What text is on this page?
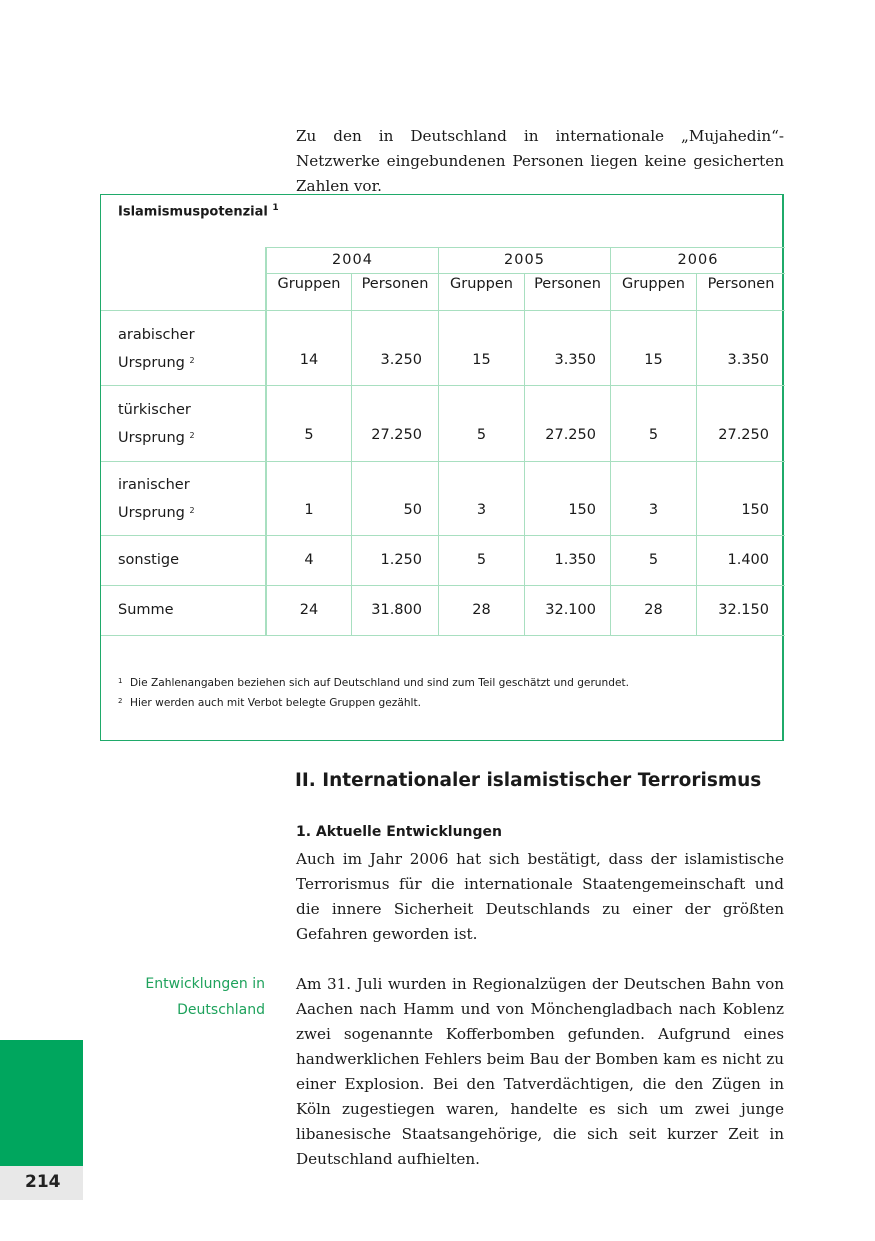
Zu den in Deutschland in internationale „Mujahedin“-Netzwerke eingebundenen Personen liegen keine gesicherten Zahlen vor.
Islamismuspotenzial $^1$
2004	2005	2006
Gruppen	Personen	Gruppen	Personen	Gruppen	Personen
arabischer
Ursprung $^2$	14	3.250	15	3.350	15	3.350
türkischer
Ursprung $^2$	5	27.250	5	27.250	5	27.250
iranischer
Ursprung $^2$	1	50	3	150	3	150
sonstige	4	1.250	5	1.350	5	1.400
Summe	24	31.800	28	32.100	28	32.150
$^1$ Die Zahlenangaben beziehen sich auf Deutschland und sind zum Teil geschätzt und gerundet.
$^2$ Hier werden auch mit Verbot belegte Gruppen gezählt.
II. Internationaler islamistischer Terrorismus
1. Aktuelle Entwicklungen
Auch im Jahr 2006 hat sich bestätigt, dass der islamistische Terrorismus für die internationale Staatengemeinschaft und die innere Sicherheit Deutschlands zu einer der größten Gefahren geworden ist.
Entwicklungen in
Deutschland
Am 31. Juli wurden in Regionalzügen der Deutschen Bahn von Aachen nach Hamm und von Mönchengladbach nach Koblenz zwei sogenannte Kofferbomben gefunden. Aufgrund eines handwerklichen Fehlers beim Bau der Bomben kam es nicht zu einer Explosion. Bei den Tatverdächtigen, die den Zügen in Köln zugestiegen waren, handelte es sich um zwei junge libanesische Staatsangehörige, die sich seit kurzer Zeit in Deutschland aufhielten.
214
